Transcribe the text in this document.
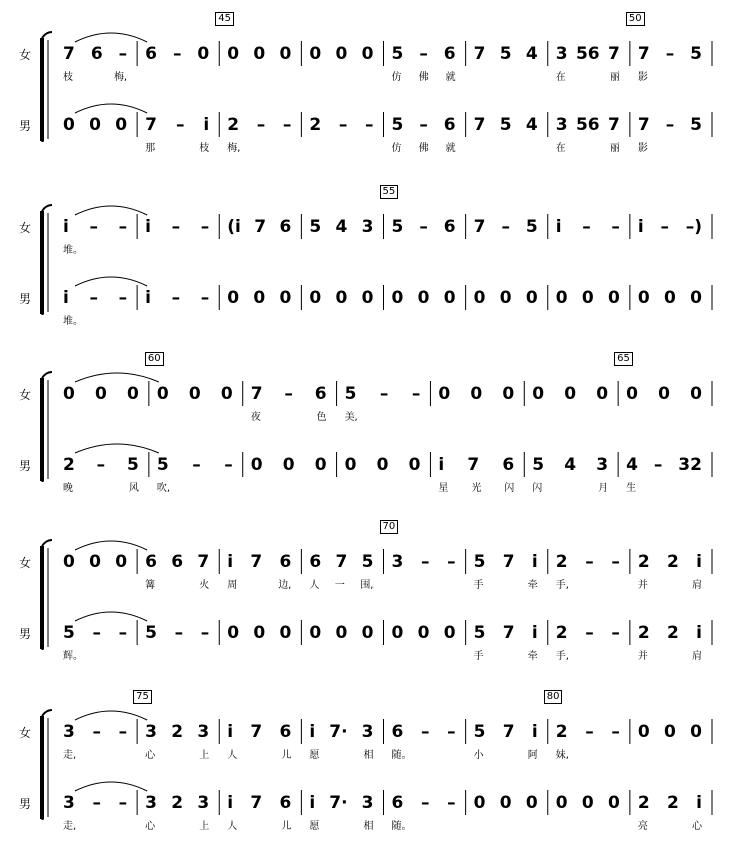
女
男
45	50
7 6 –
枝	梅,
6 – 0 0 0 0 0 0 0 5 – 6
仿 佛 就
7 5 4 3 56 7
在	丽
7 – 5
影
0 0 0 7 – i
那	枝
2 – –
梅,
2 – – 5 – 6
仿 佛 就
7 5 4 3 56 7
在	丽
7 – 5
影
女
男
55
i – –
堆。
i – – (i 7 6 5 4 3 5 – 6 7 – 5 i – – i – –)
i – –
堆。
i – – 0 0 0 0 0 0 0 0 0 0 0 0 0 0 0 0 0 0
女
男
60	65
0 0 0 0 0 0 7 – 6
夜	色
5 – –
美,
0 0 0 0 0 0 0 0 0
2 – 5
晚	风
5 – –
吹,
0 0 0 0 0 0 i 7 6
星 光 闪
5 4 3
闪	月
4 – 32
生
女
男
70
0 0 0 6 6 7
篝	火
i 7 6
周	边,
6 7 5
人 一 围,
3 – – 5 7 i
手	牵
2 – –
手,
2 2 i
并	肩
5 – –
辉。
5 – – 0 0 0 0 0 0 0 0 0 5 7 i
手	牵
2 – –
手,
2 2 i
并	肩
女
男
75	80
3 – –
走,
3 2 3
心	上
i 7 6
人	儿
i 7· 3
愿	相
6 – –
随。
5 7 i
小	阿
2 – –
妹,
0 0 0
3 – –
走,
3 2 3
心	上
i 7 6
人	儿
i 7· 3
愿	相
6 – –
随。
0 0 0 0 0 0 2 2 i
亮	心
